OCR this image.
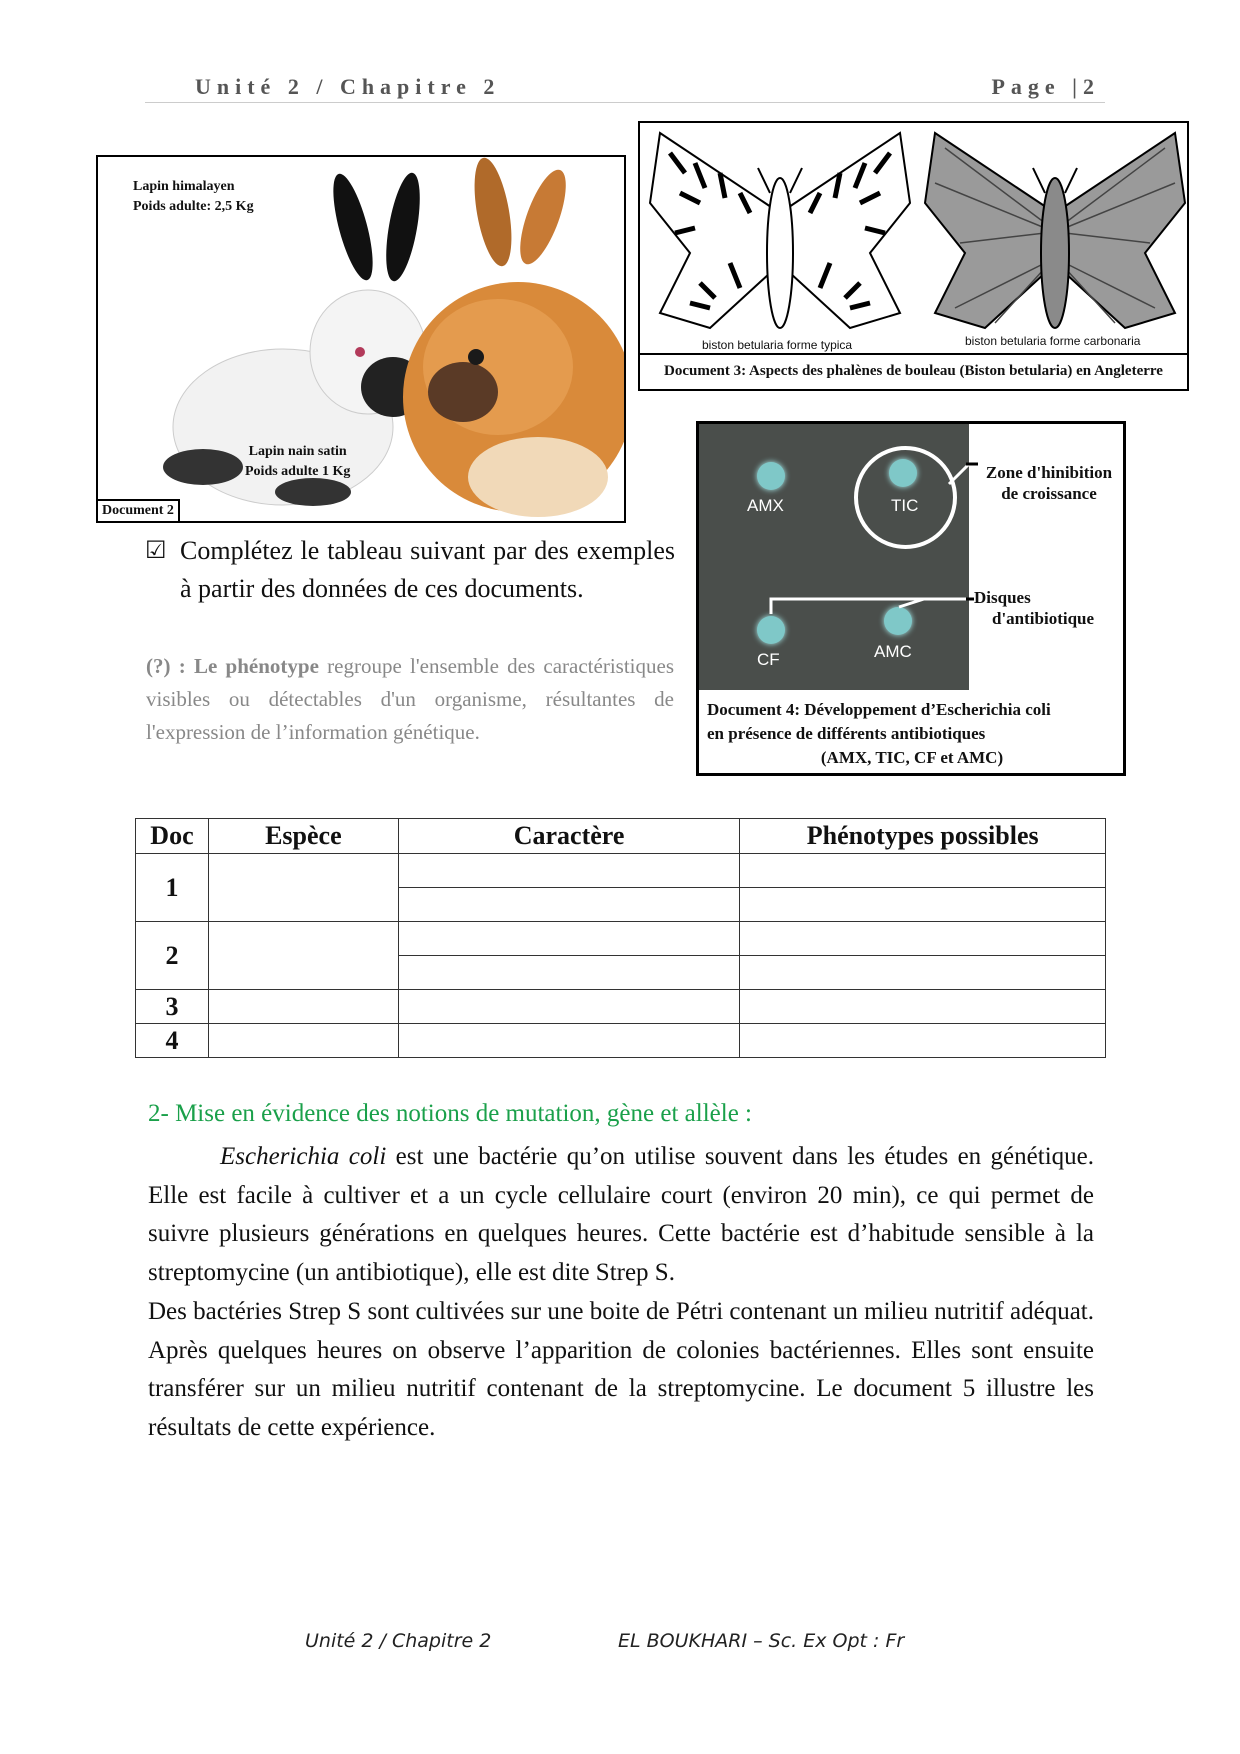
Unité 2 / Chapitre 2	Page |2
Lapin himalayen
Poids adulte: 2,5 Kg
Lapin nain satin
Poids adulte 1 Kg
Document 2
biston betularia forme typica	biston betularia forme carbonaria
Document 3: Aspects des phalènes de bouleau (Biston betularia) en Angleterre
AMX	TIC
CF	AMC
Zone d'hinibition
de croissance
Disques
d'antibiotique
Document 4: Développement d’Escherichia coli
en présence de différents antibiotiques
(AMX, TIC, CF et AMC)
☑ Complétez le tableau suivant par des exemples à partir des données de ces documents.
(?) : Le phénotype regroupe l'ensemble des caractéristiques visibles ou détectables d'un organisme, résultantes de l'expression de l’information génétique.
Doc	Espèce	Caractère	Phénotypes possibles
1			

2			

3			
4			
2- Mise en évidence des notions de mutation, gène et allèle :

Escherichia coli est une bactérie qu’on utilise souvent dans les études en génétique. Elle est facile à cultiver et a un cycle cellulaire court (environ 20 min), ce qui permet de suivre plusieurs générations en quelques heures. Cette bactérie est d’habitude sensible à la streptomycine (un antibiotique), elle est dite Strep S.

Des bactéries Strep S sont cultivées sur une boite de Pétri contenant un milieu nutritif adéquat. Après quelques heures on observe l’apparition de colonies bactériennes. Elles sont ensuite transférer sur un milieu nutritif contenant de la streptomycine. Le document 5 illustre les résultats de cette expérience.

Unité 2 / Chapitre 2	EL BOUKHARI – Sc. Ex Opt : Fr
